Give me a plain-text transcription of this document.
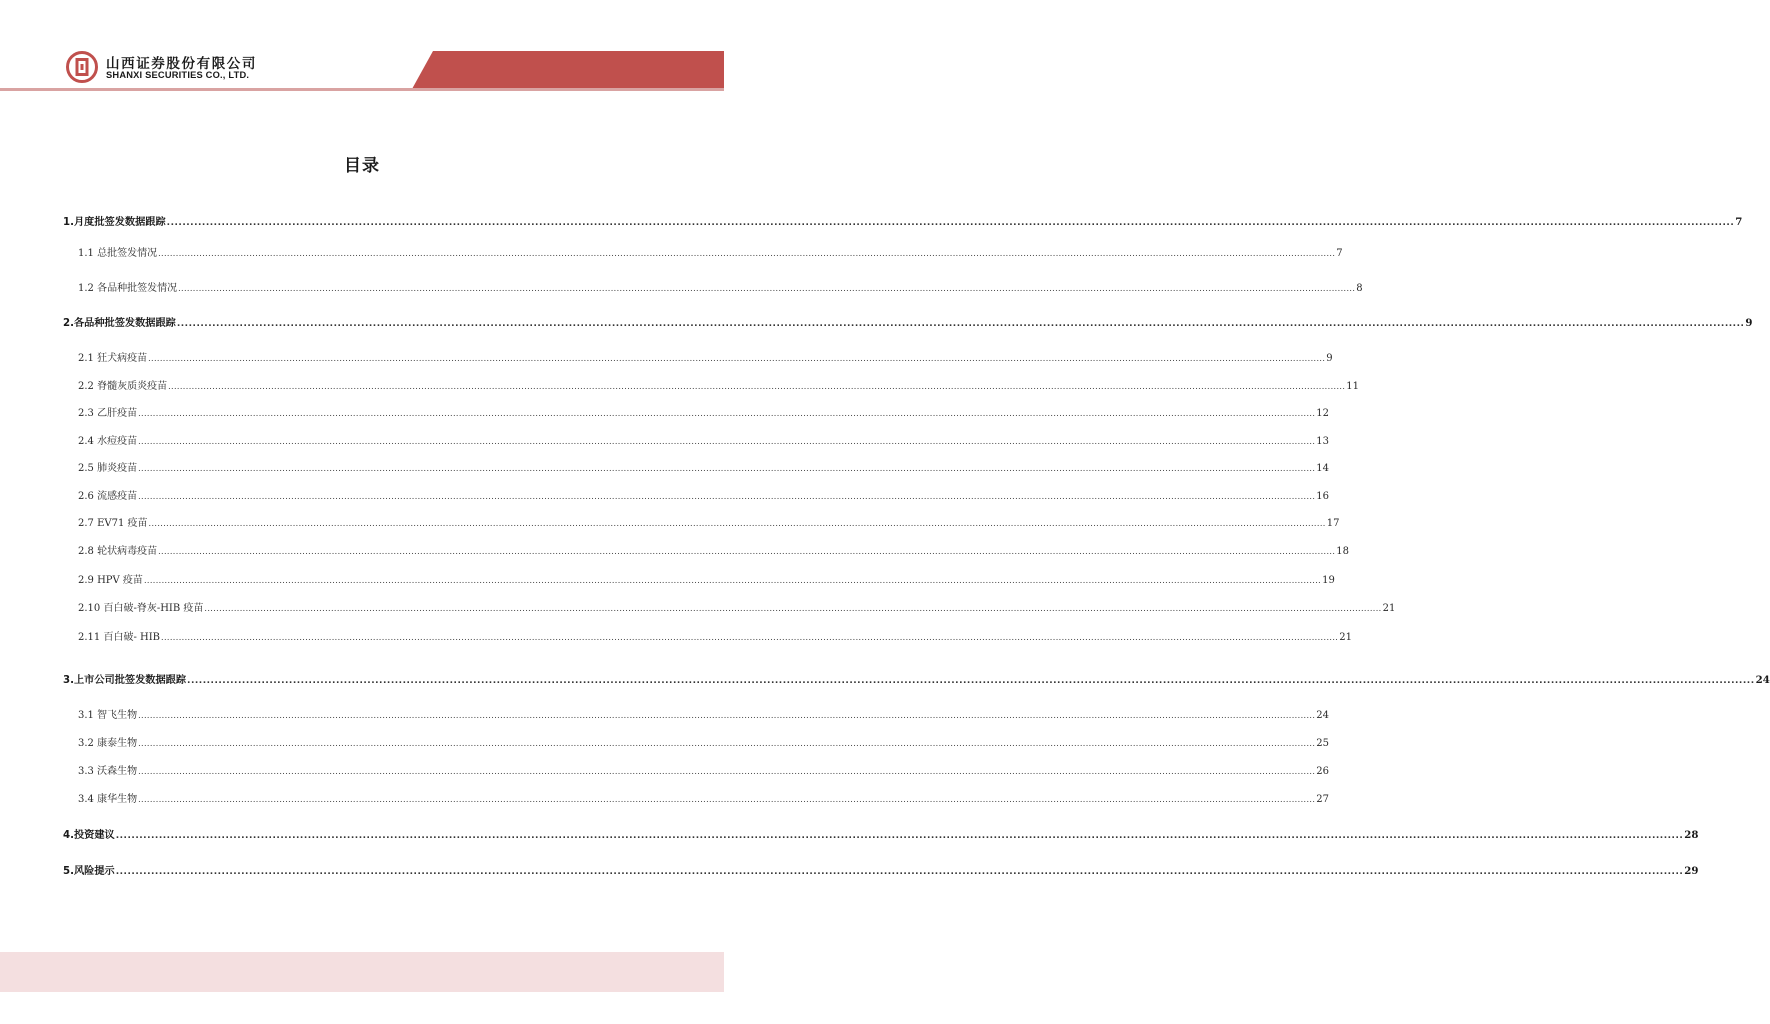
山西证券股份有限公司
SHANXI SECURITIES CO., LTD.
目录
1.月度批签发数据跟踪 ................................................................................................................................................................................................................................................................................................................................................................................................................ 7
1.1 总批签发情况 ................................................................................................................................................................................................................................................................................................................................................................................................................ 7
1.2 各品种批签发情况 ................................................................................................................................................................................................................................................................................................................................................................................................................ 8
2.各品种批签发数据跟踪 ................................................................................................................................................................................................................................................................................................................................................................................................................ 9
2.1 狂犬病疫苗 ................................................................................................................................................................................................................................................................................................................................................................................................................ 9
2.2 脊髓灰质炎疫苗 ................................................................................................................................................................................................................................................................................................................................................................................................................ 11
2.3 乙肝疫苗 ................................................................................................................................................................................................................................................................................................................................................................................................................ 12
2.4 水痘疫苗 ................................................................................................................................................................................................................................................................................................................................................................................................................ 13
2.5 肺炎疫苗 ................................................................................................................................................................................................................................................................................................................................................................................................................ 14
2.6 流感疫苗 ................................................................................................................................................................................................................................................................................................................................................................................................................ 16
2.7 EV71 疫苗 ................................................................................................................................................................................................................................................................................................................................................................................................................ 17
2.8 轮状病毒疫苗 ................................................................................................................................................................................................................................................................................................................................................................................................................ 18
2.9 HPV 疫苗 ................................................................................................................................................................................................................................................................................................................................................................................................................ 19
2.10 百白破-脊灰-HIB 疫苗 ................................................................................................................................................................................................................................................................................................................................................................................................................ 21
2.11 百白破- HIB ................................................................................................................................................................................................................................................................................................................................................................................................................ 21
3.上市公司批签发数据跟踪 ................................................................................................................................................................................................................................................................................................................................................................................................................ 24
3.1 智飞生物 ................................................................................................................................................................................................................................................................................................................................................................................................................ 24
3.2 康泰生物 ................................................................................................................................................................................................................................................................................................................................................................................................................ 25
3.3 沃森生物 ................................................................................................................................................................................................................................................................................................................................................................................................................ 26
3.4 康华生物 ................................................................................................................................................................................................................................................................................................................................................................................................................ 27
4.投资建议 ................................................................................................................................................................................................................................................................................................................................................................................................................ 28
5.风险提示 ................................................................................................................................................................................................................................................................................................................................................................................................................ 29
